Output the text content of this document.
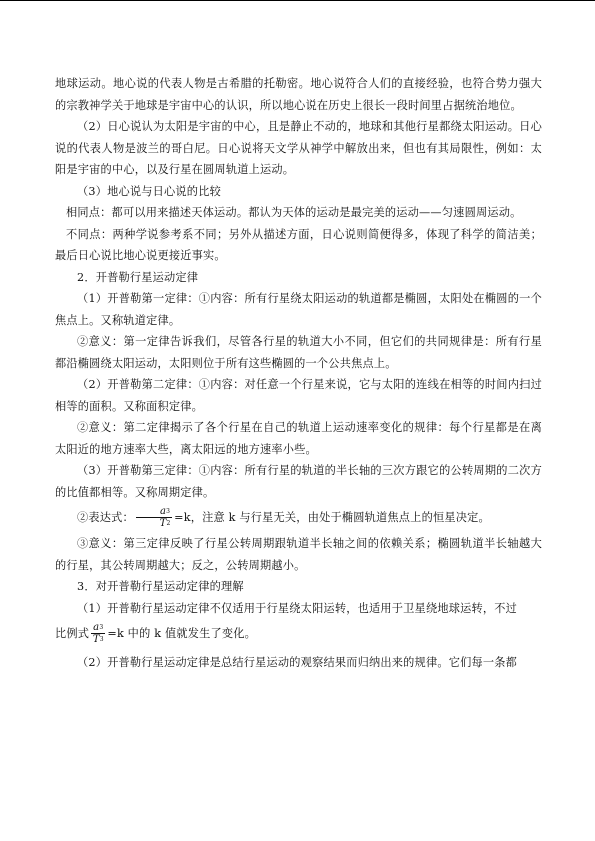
地球运动。地心说的代表人物是古希腊的托勒密。地心说符合人们的直接经验，也符合势力强大的宗教神学关于地球是宇宙中心的认识，所以地心说在历史上很长一段时间里占据统治地位。

（2）日心说认为太阳是宇宙的中心，且是静止不动的，地球和其他行星都绕太阳运动。日心说的代表人物是波兰的哥白尼。日心说将天文学从神学中解放出来，但也有其局限性，例如：太阳是宇宙的中心，以及行星在圆周轨道上运动。

（3）地心说与日心说的比较

相同点：都可以用来描述天体运动。都认为天体的运动是最完美的运动——匀速圆周运动。

不同点：两种学说参考系不同；另外从描述方面，日心说则简便得多，体现了科学的简洁美；最后日心说比地心说更接近事实。

2．开普勒行星运动定律

（1）开普勒第一定律：①内容：所有行星绕太阳运动的轨道都是椭圆，太阳处在椭圆的一个焦点上。又称轨道定律。

②意义：第一定律告诉我们，尽管各行星的轨道大小不同，但它们的共同规律是：所有行星都沿椭圆绕太阳运动，太阳则位于所有这些椭圆的一个公共焦点上。

（2）开普勒第二定律：①内容：对任意一个行星来说，它与太阳的连线在相等的时间内扫过相等的面积。又称面积定律。

②意义：第二定律揭示了各个行星在自己的轨道上运动速率变化的规律：每个行星都是在离太阳近的地方速率大些，离太阳远的地方速率小些。

（3）开普勒第三定律：①内容：所有行星的轨道的半长轴的三次方跟它的公转周期的二次方的比值都相等。又称周期定律。

②表达式： $\frac{a^3}{T^2} =k$，注意 k 与行星无关，由处于椭圆轨道焦点上的恒星决定。

③意义：第三定律反映了行星公转周期跟轨道半长轴之间的依赖关系；椭圆轨道半长轴越大的行星，其公转周期越大；反之，公转周期越小。

3．对开普勒行星运动定律的理解

（1）开普勒行星运动定律不仅适用于行星绕太阳运转，也适用于卫星绕地球运转，不过

比例式 $\frac{a^3}{T^3} =k$ 中的 k 值就发生了变化。

（2）开普勒行星运动定律是总结行星运动的观察结果而归纳出来的规律。它们每一条都
